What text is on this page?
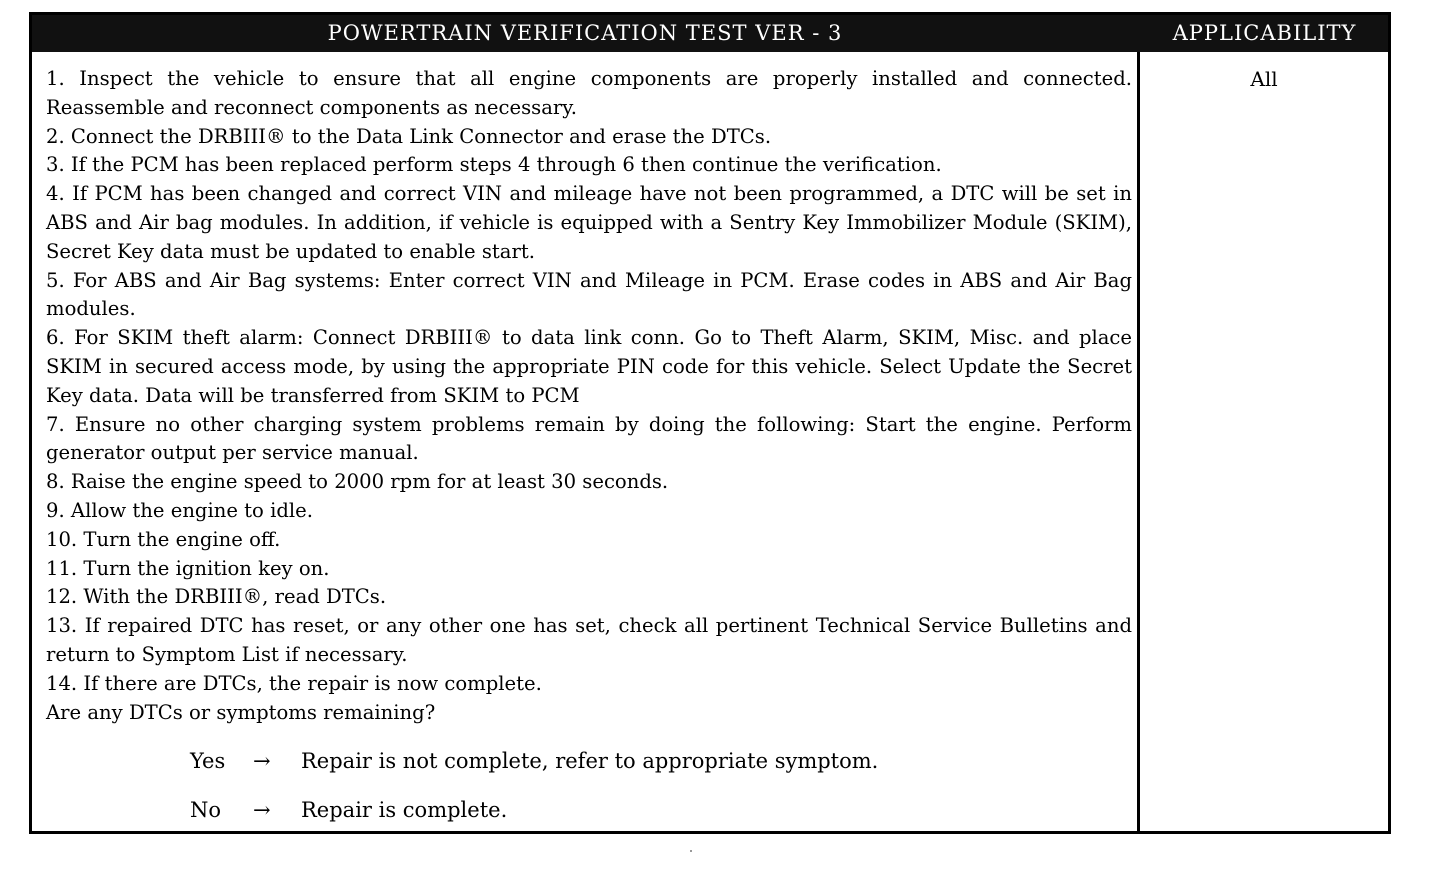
POWERTRAIN VERIFICATION TEST VER - 3	APPLICABILITY

1. Inspect the vehicle to ensure that all engine components are properly installed and connected. Reassemble and reconnect components as necessary.

2. Connect the DRBIII® to the Data Link Connector and erase the DTCs.

3. If the PCM has been replaced perform steps 4 through 6 then continue the verification.

4. If PCM has been changed and correct VIN and mileage have not been programmed, a DTC will be set in ABS and Air bag modules. In addition, if vehicle is equipped with a Sentry Key Immobilizer Module (SKIM), Secret Key data must be updated to enable start.

5. For ABS and Air Bag systems: Enter correct VIN and Mileage in PCM. Erase codes in ABS and Air Bag modules.

6. For SKIM theft alarm: Connect DRBIII® to data link conn. Go to Theft Alarm, SKIM, Misc. and place SKIM in secured access mode, by using the appropriate PIN code for this vehicle. Select Update the Secret Key data. Data will be transferred from SKIM to PCM

7. Ensure no other charging system problems remain by doing the following: Start the engine. Perform generator output per service manual.

8. Raise the engine speed to 2000 rpm for at least 30 seconds.

9. Allow the engine to idle.

10. Turn the engine off.

11. Turn the ignition key on.

12. With the DRBIII®, read DTCs.

13. If repaired DTC has reset, or any other one has set, check all pertinent Technical Service Bulletins and return to Symptom List if necessary.

14. If there are DTCs, the repair is now complete.

Are any DTCs or symptoms remaining?

Yes	→	Repair is not complete, refer to appropriate symptom.
No	→	Repair is complete.
All
